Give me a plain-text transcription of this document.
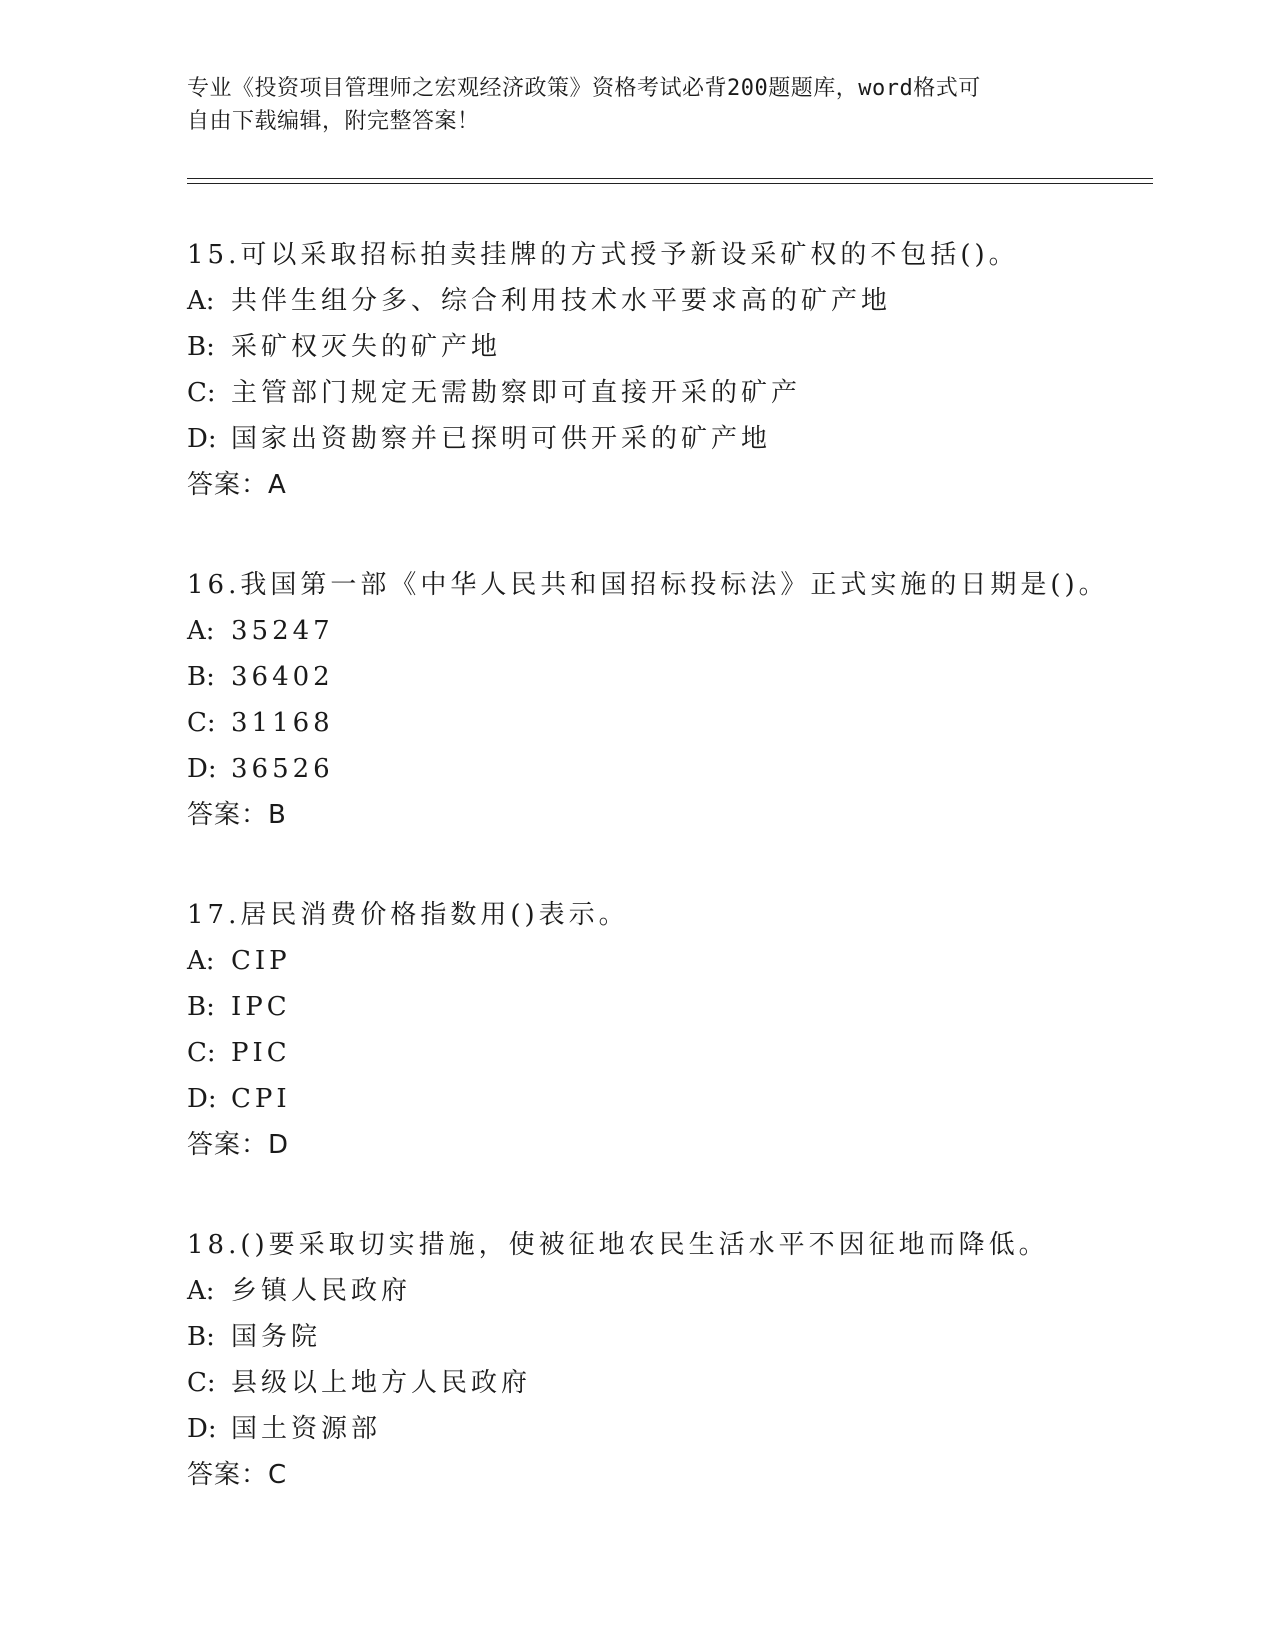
专业《投资项目管理师之宏观经济政策》资格考试必背200题题库，word格式可
自由下载编辑，附完整答案！
15.可以采取招标拍卖挂牌的方式授予新设采矿权的不包括()。
A: 共伴生组分多、综合利用技术水平要求高的矿产地
B: 采矿权灭失的矿产地
C: 主管部门规定无需勘察即可直接开采的矿产
D: 国家出资勘察并已探明可供开采的矿产地
答案：A
16.我国第一部《中华人民共和国招标投标法》正式实施的日期是()。
A: 35247
B: 36402
C: 31168
D: 36526
答案：B
17.居民消费价格指数用()表示。
A: CIP
B: IPC
C: PIC
D: CPI
答案：D
18.()要采取切实措施，使被征地农民生活水平不因征地而降低。
A: 乡镇人民政府
B: 国务院
C: 县级以上地方人民政府
D: 国土资源部
答案：C
